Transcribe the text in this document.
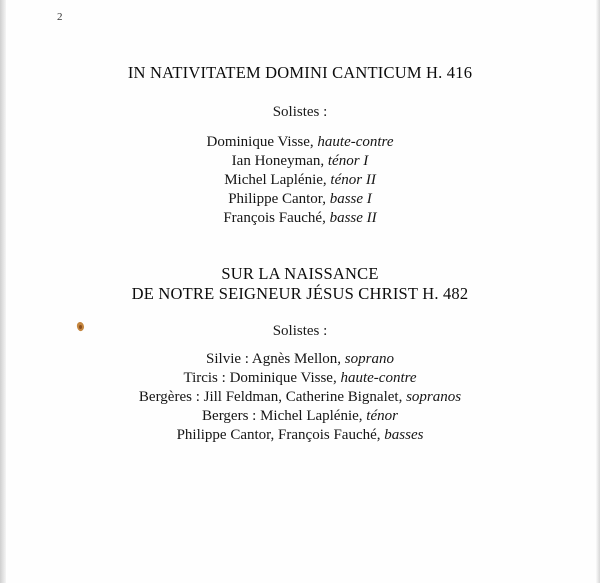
2
IN NATIVITATEM DOMINI CANTICUM H. 416
Solistes :
Dominique Visse, haute-contre
Ian Honeyman, ténor I
Michel Laplénie, ténor II
Philippe Cantor, basse I
François Fauché, basse II
SUR LA NAISSANCE
DE NOTRE SEIGNEUR JÉSUS CHRIST H. 482
Solistes :
Silvie : Agnès Mellon, soprano
Tircis : Dominique Visse, haute-contre
Bergères : Jill Feldman, Catherine Bignalet, sopranos
Bergers : Michel Laplénie, ténor
Philippe Cantor, François Fauché, basses
